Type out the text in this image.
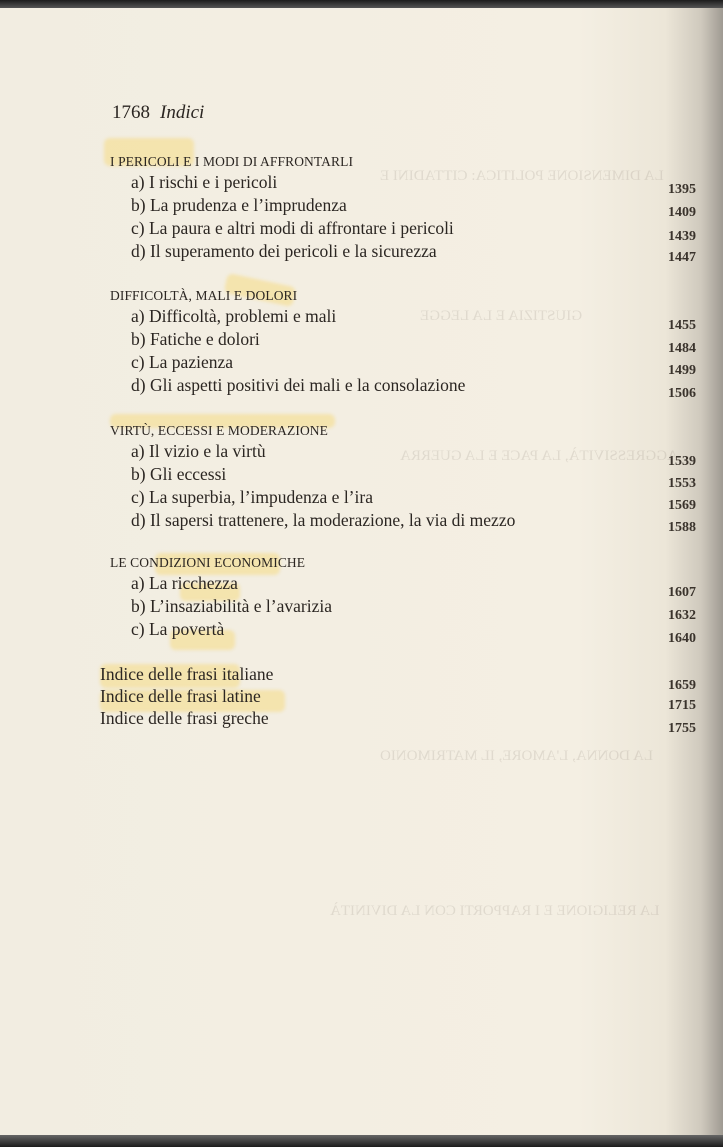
LA DIMENSIONE POLITICA: CITTADINI E
GIUSTIZIA E LA LEGGE
AGGRESSIVITÀ, LA PACE E LA GUERRA
LA DONNA, L'AMORE, IL MATRIMONIO
LA RELIGIONE E I RAPPORTI CON LA DIVINITÀ
1768 Indici
I PERICOLI E I MODI DI AFFRONTARLI
a) I rischi e i pericoli
b) La prudenza e l’imprudenza
c) La paura e altri modi di affrontare i pericoli
d) Il superamento dei pericoli e la sicurezza
DIFFICOLTÀ, MALI E DOLORI
a) Difficoltà, problemi e mali
b) Fatiche e dolori
c) La pazienza
d) Gli aspetti positivi dei mali e la consolazione
VIRTÙ, ECCESSI E MODERAZIONE
a) Il vizio e la virtù
b) Gli eccessi
c) La superbia, l’impudenza e l’ira
d) Il sapersi trattenere, la moderazione, la via di mezzo
LE CONDIZIONI ECONOMICHE
a) La ricchezza
b) L’insaziabilità e l’avarizia
c) La povertà
Indice delle frasi italiane
Indice delle frasi latine
Indice delle frasi greche
1395
1409
1439
1447
1455
1484
1499
1506
1539
1553
1569
1588
1607
1632
1640
1659
1715
1755
